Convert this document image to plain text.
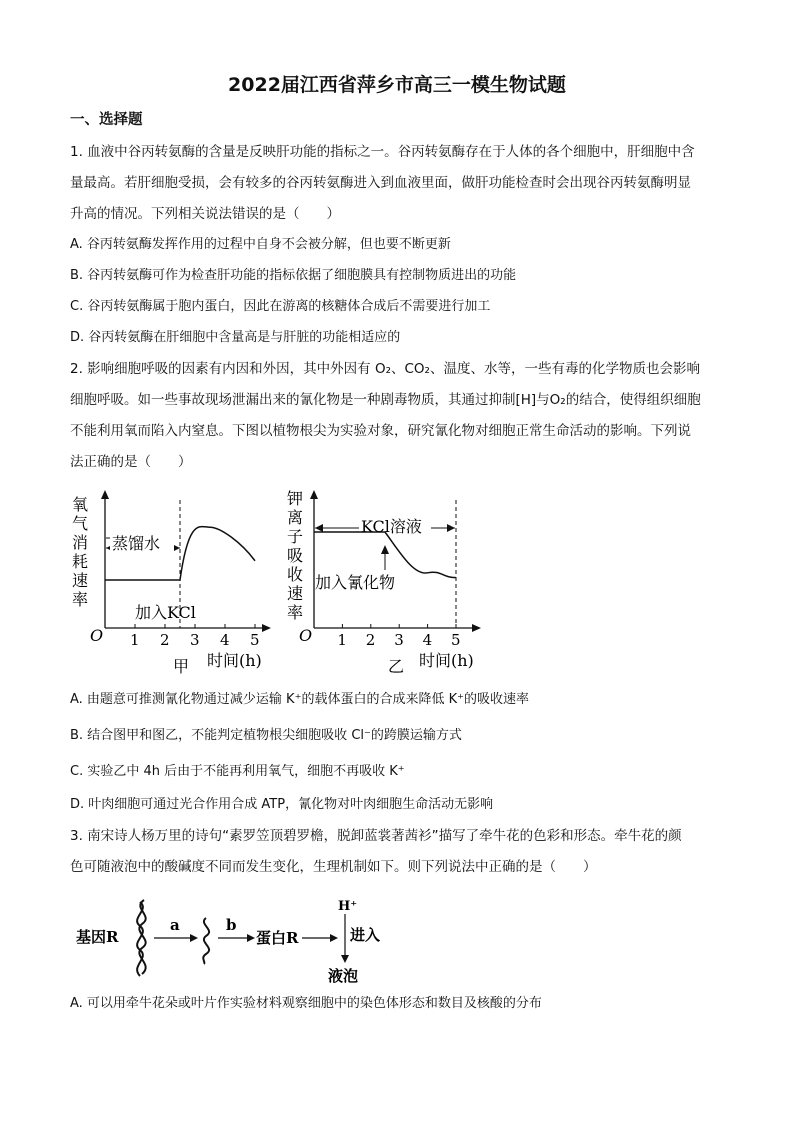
2022届江西省萍乡市高三一模生物试题
一、选择题
1. 血液中谷丙转氨酶的含量是反映肝功能的指标之一。谷丙转氨酶存在于人体的各个细胞中，肝细胞中含
量最高。若肝细胞受损，会有较多的谷丙转氨酶进入到血液里面，做肝功能检查时会出现谷丙转氨酶明显
升高的情况。下列相关说法错误的是（　　）
A. 谷丙转氨酶发挥作用的过程中自身不会被分解，但也要不断更新
B. 谷丙转氨酶可作为检查肝功能的指标依据了细胞膜具有控制物质进出的功能
C. 谷丙转氨酶属于胞内蛋白，因此在游离的核糖体合成后不需要进行加工
D. 谷丙转氨酶在肝细胞中含量高是与肝脏的功能相适应的
2. 影响细胞呼吸的因素有内因和外因，其中外因有 O₂、CO₂、温度、水等，一些有毒的化学物质也会影响
细胞呼吸。如一些事故现场泄漏出来的氰化物是一种剧毒物质，其通过抑制[H]与O₂的结合，使得组织细胞
不能利用氧而陷入内窒息。下图以植物根尖为实验对象，研究氰化物对细胞正常生命活动的影响。下列说
法正确的是（　　）
氧
气
消
耗
速
率
O 1 2 3 4 5
时间(h)
甲
蒸馏水
加入KCl
钾
离
子
吸
收
速
率
O 1 2 3 4 5
时间(h)
乙
KCl溶液
加入氰化物
A. 由题意可推测氰化物通过减少运输 K⁺的载体蛋白的合成来降低 K⁺的吸收速率
B. 结合图甲和图乙，不能判定植物根尖细胞吸收 Cl⁻的跨膜运输方式
C. 实验乙中 4h 后由于不能再利用氧气，细胞不再吸收 K⁺
D. 叶肉细胞可通过光合作用合成 ATP，氰化物对叶肉细胞生命活动无影响
3. 南宋诗人杨万里的诗句“素罗笠顶碧罗檐，脱卸蓝裳著茜衫”描写了牵牛花的色彩和形态。牵牛花的颜
色可随液泡中的酸碱度不同而发生变化，生理机制如下。则下列说法中正确的是（　　）
基因R
a	b
蛋白R
H⁺
进入
液泡
A. 可以用牵牛花朵或叶片作实验材料观察细胞中的染色体形态和数目及核酸的分布
